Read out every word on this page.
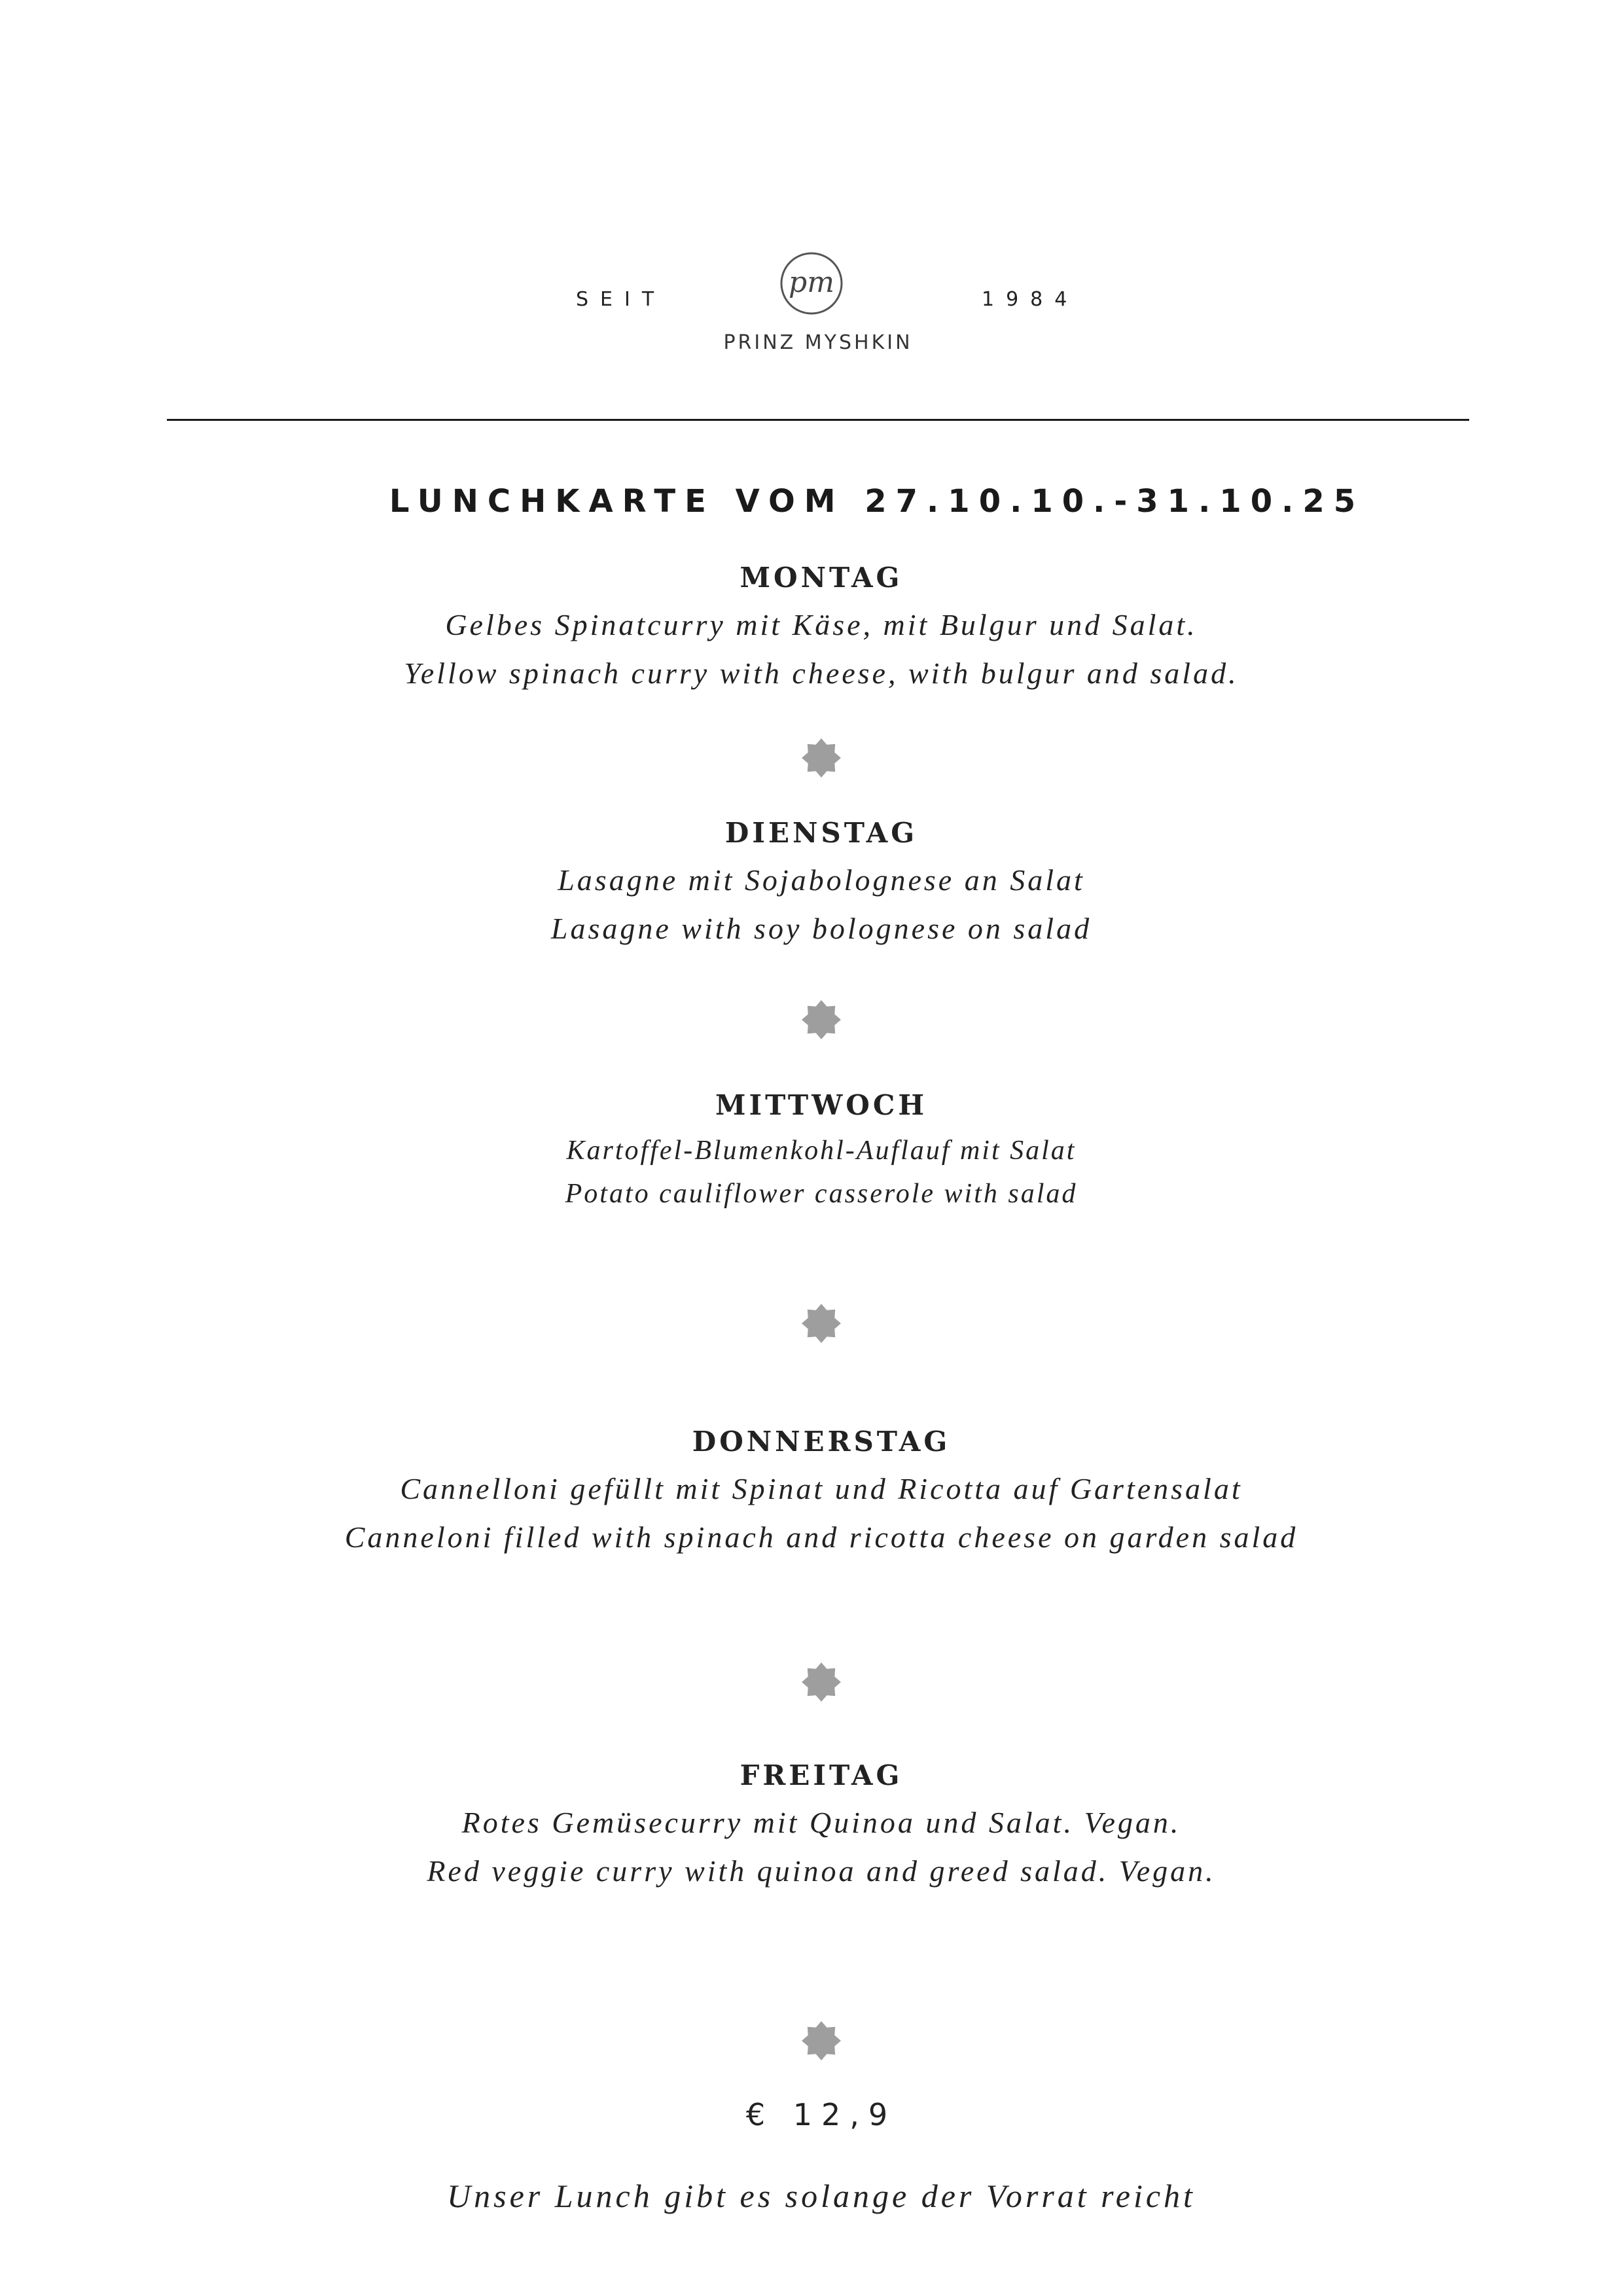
SEIT
pm
1984
PRINZ MYSHKIN
LUNCHKARTE VOM 27.10.10.-31.10.25
MONTAG
Gelbes Spinatcurry mit Käse, mit Bulgur und Salat.
Yellow spinach curry with cheese, with bulgur and salad.
DIENSTAG
Lasagne mit Sojabolognese an Salat
Lasagne with soy bolognese on salad
MITTWOCH
Kartoffel-Blumenkohl-Auflauf mit Salat
Potato cauliflower casserole with salad
DONNERSTAG
Cannelloni gefüllt mit Spinat und Ricotta auf Gartensalat
Canneloni filled with spinach and ricotta cheese on garden salad
FREITAG
Rotes Gemüsecurry mit Quinoa und Salat. Vegan.
Red veggie curry with quinoa and greed salad. Vegan.
€ 12,9
Unser Lunch gibt es solange der Vorrat reicht
